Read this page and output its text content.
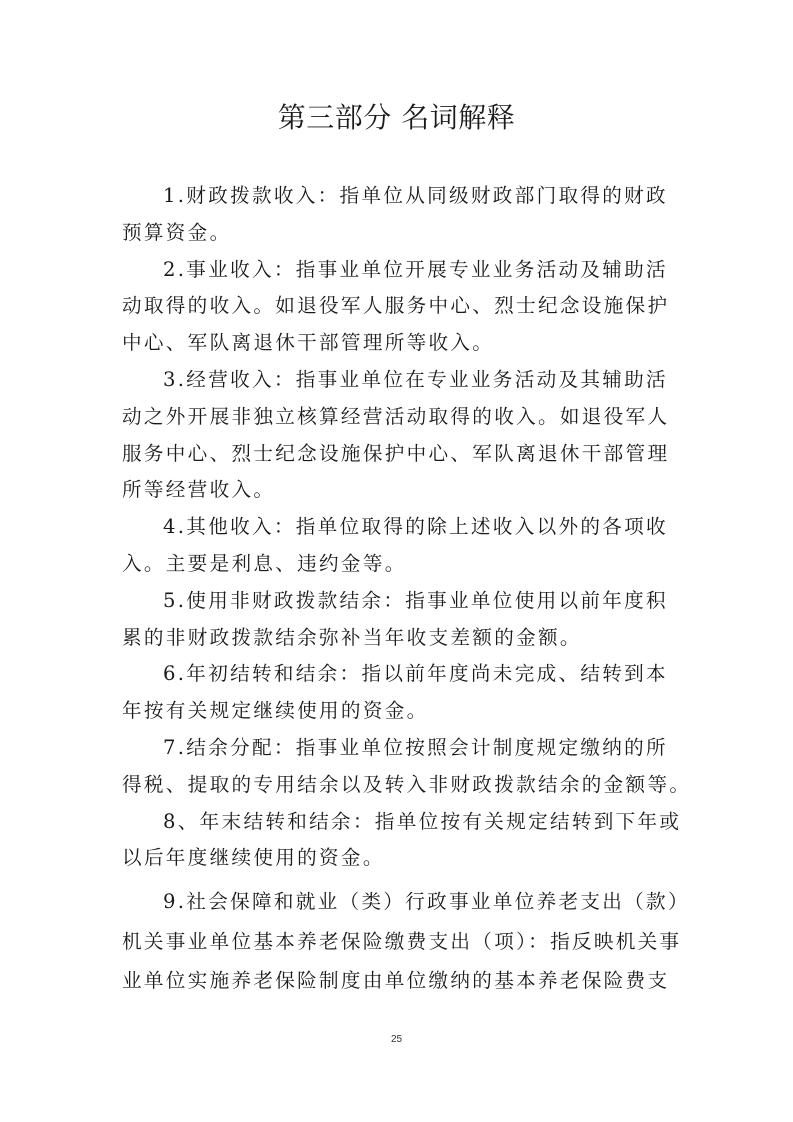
第三部分 名词解释
1.财政拨款收入：指单位从同级财政部门取得的财政
预算资金。
2.事业收入：指事业单位开展专业业务活动及辅助活
动取得的收入。如退役军人服务中心、烈士纪念设施保护
中心、军队离退休干部管理所等收入。
3.经营收入：指事业单位在专业业务活动及其辅助活
动之外开展非独立核算经营活动取得的收入。如退役军人
服务中心、烈士纪念设施保护中心、军队离退休干部管理
所等经营收入。
4.其他收入：指单位取得的除上述收入以外的各项收
入。主要是利息、违约金等。
5.使用非财政拨款结余：指事业单位使用以前年度积
累的非财政拨款结余弥补当年收支差额的金额。
6.年初结转和结余：指以前年度尚未完成、结转到本
年按有关规定继续使用的资金。
7.结余分配：指事业单位按照会计制度规定缴纳的所
得税、提取的专用结余以及转入非财政拨款结余的金额等。
8、年末结转和结余：指单位按有关规定结转到下年或
以后年度继续使用的资金。
9.社会保障和就业（类）行政事业单位养老支出（款）
机关事业单位基本养老保险缴费支出（项）：指反映机关事
业单位实施养老保险制度由单位缴纳的基本养老保险费支
25
